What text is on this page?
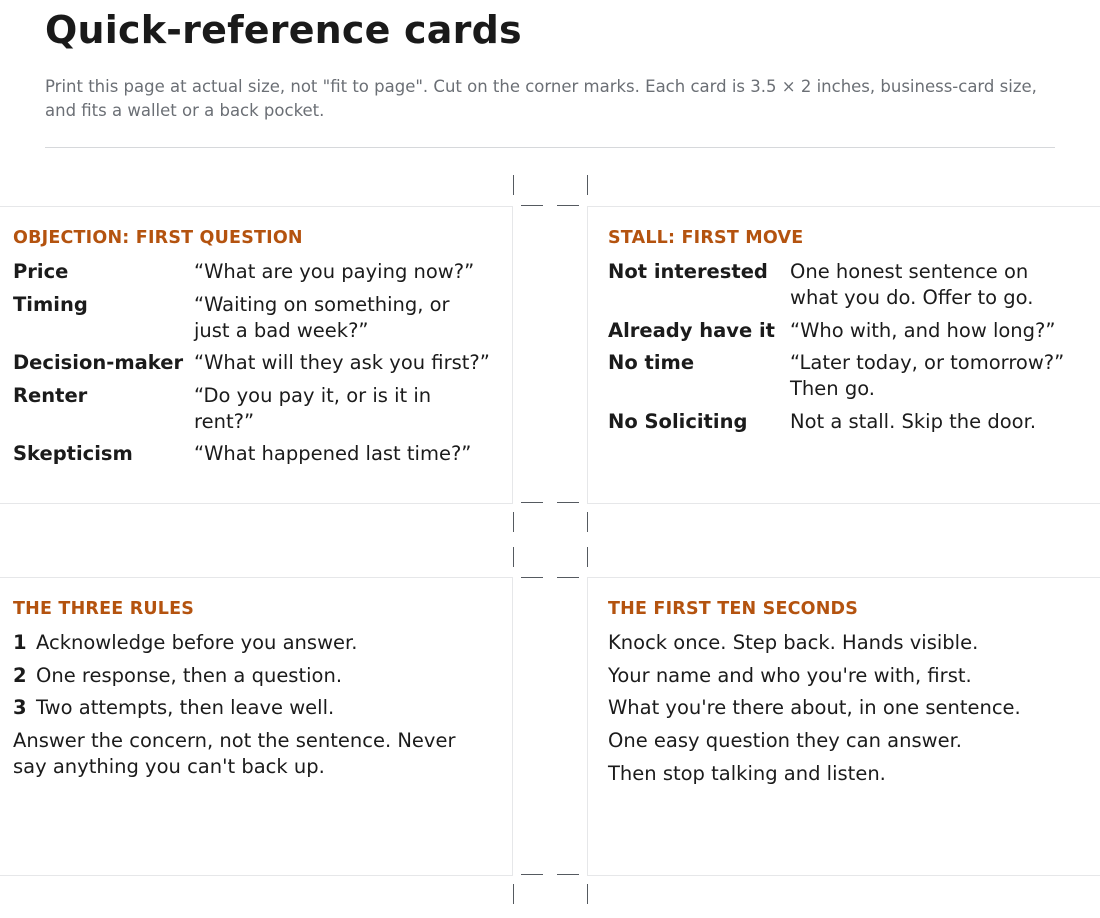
Quick-reference cards
Print this page at actual size, not "fit to page". Cut on the corner marks. Each card is 3.5 × 2 inches, business-card size, and fits a wallet or a back pocket.
OBJECTION: FIRST QUESTION
Price	“What are you paying now?”
Timing	“Waiting on something, or just a bad week?”
Decision-maker “What will they ask you first?”
Renter	“Do you pay it, or is it in rent?”
Skepticism	“What happened last time?”
STALL: FIRST MOVE
Not interested One honest sentence on what you do. Offer to go.
Already have it “Who with, and how long?”
No time	“Later today, or tomorrow?” Then go.
No Soliciting Not a stall. Skip the door.
THE THREE RULES
1 Acknowledge before you answer.
2 One response, then a question.
3 Two attempts, then leave well.
Answer the concern, not the sentence. Never say anything you can't back up.
THE FIRST TEN SECONDS
Knock once. Step back. Hands visible.
Your name and who you're with, first.
What you're there about, in one sentence.
One easy question they can answer.
Then stop talking and listen.
